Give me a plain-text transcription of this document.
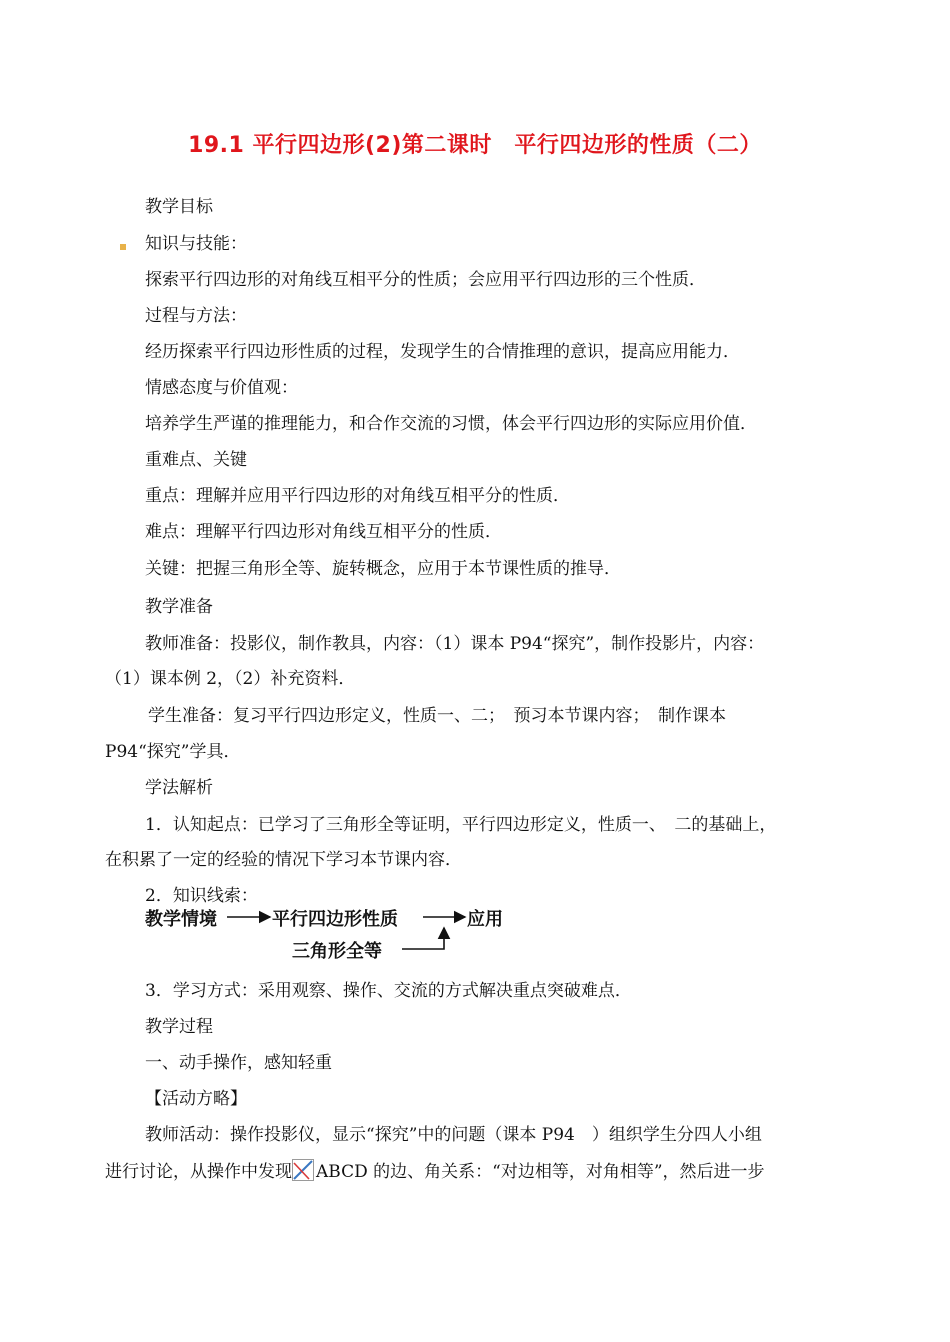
19.1 平行四边形(2)第二课时　平行四边形的性质（二）
教学目标
知识与技能：
探索平行四边形的对角线互相平分的性质；会应用平行四边形的三个性质．
过程与方法：
经历探索平行四边形性质的过程，发现学生的合情推理的意识，提高应用能力．
情感态度与价值观：
培养学生严谨的推理能力，和合作交流的习惯，体会平行四边形的实际应用价值．
重难点、关键
重点：理解并应用平行四边形的对角线互相平分的性质．
难点：理解平行四边形对角线互相平分的性质．
关键：把握三角形全等、旋转概念，应用于本节课性质的推导．
教学准备
教师准备：投影仪，制作教具，内容：（1）课本 P94“探究”，制作投影片，内容：
（1）课本例 2，（2）补充资料．
学生准备：复习平行四边形定义，性质一、二；　预习本节课内容；　制作课本
P94“探究”学具．
学法解析
1．认知起点：已学习了三角形全等证明，平行四边形定义，性质一、　二的基础上，
在积累了一定的经验的情况下学习本节课内容．
2．知识线索：
教学情境	平行四边形性质	应用
三角形全等
3．学习方式：采用观察、操作、交流的方式解决重点突破难点．
教学过程
一、动手操作，感知轻重
【活动方略】
教师活动：操作投影仪，显示“探究”中的问题（课本 P94　）组织学生分四人小组
进行讨论，从操作中发现 ABCD 的边、角关系：“对边相等，对角相等”，然后进一步
